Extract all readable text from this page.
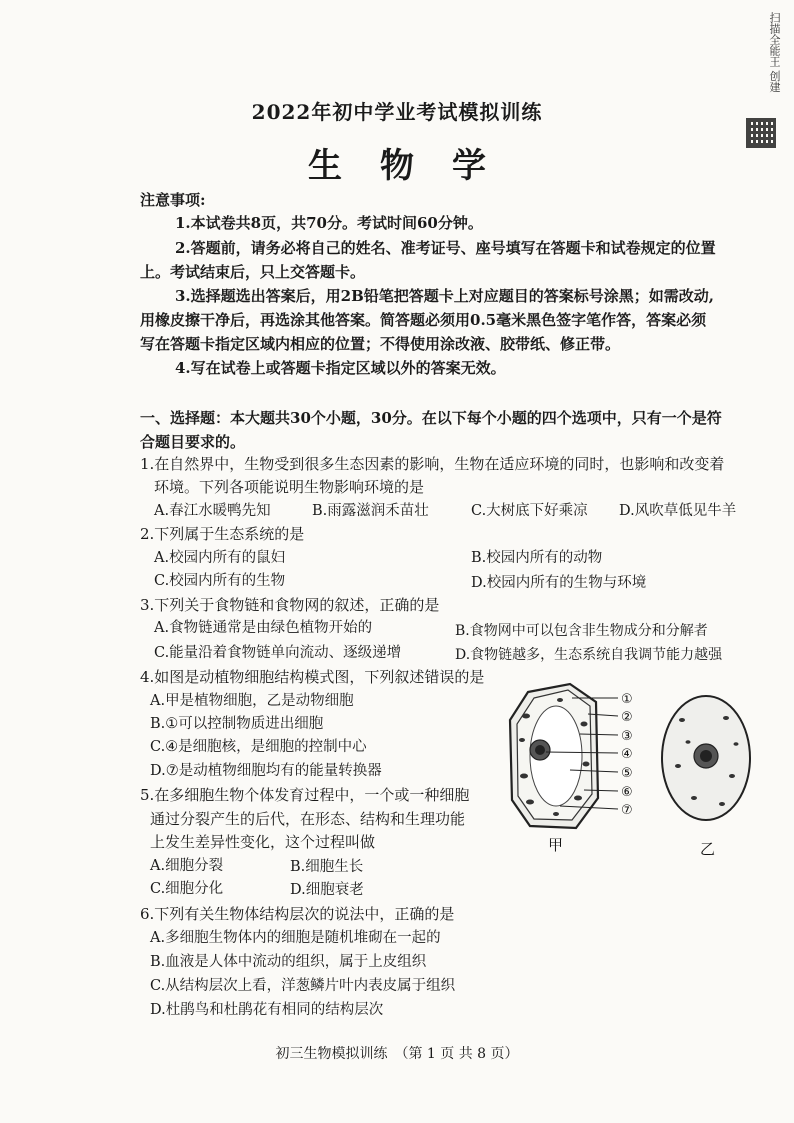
扫描全能王 创建
2022年初中学业考试模拟训练
生物学
注意事项:
1.本试卷共8页，共70分。考试时间60分钟。
2.答题前，请务必将自己的姓名、准考证号、座号填写在答题卡和试卷规定的位置
上。考试结束后，只上交答题卡。
3.选择题选出答案后，用2B铅笔把答题卡上对应题目的答案标号涂黑；如需改动,
用橡皮擦干净后，再选涂其他答案。简答题必须用0.5毫米黑色签字笔作答，答案必须
写在答题卡指定区域内相应的位置；不得使用涂改液、胶带纸、修正带。
4.写在试卷上或答题卡指定区域以外的答案无效。
一、选择题：本大题共30个小题，30分。在以下每个小题的四个选项中，只有一个是符
合题目要求的。
1.在自然界中，生物受到很多生态因素的影响，生物在适应环境的同时，也影响和改变着
环境。下列各项能说明生物影响环境的是
A.春江水暖鸭先知	B.雨露滋润禾苗壮	C.大树底下好乘凉 D.风吹草低见牛羊
2.下列属于生态系统的是
A.校园内所有的鼠妇	B.校园内所有的动物
C.校园内所有的生物	D.校园内所有的生物与环境
3.下列关于食物链和食物网的叙述，正确的是
A.食物链通常是由绿色植物开始的	B.食物网中可以包含非生物成分和分解者
C.能量沿着食物链单向流动、逐级递增	D.食物链越多，生态系统自我调节能力越强
4.如图是动植物细胞结构模式图，下列叙述错误的是
A.甲是植物细胞，乙是动物细胞
B.①可以控制物质进出细胞
C.④是细胞核，是细胞的控制中心
D.⑦是动植物细胞均有的能量转换器
①
②
③
④
⑤
⑥
⑦
甲	乙
5.在多细胞生物个体发育过程中，一个或一种细胞
通过分裂产生的后代，在形态、结构和生理功能
上发生差异性变化，这个过程叫做
A.细胞分裂	B.细胞生长
C.细胞分化	D.细胞衰老
6.下列有关生物体结构层次的说法中，正确的是
A.多细胞生物体内的细胞是随机堆砌在一起的
B.血液是人体中流动的组织，属于上皮组织
C.从结构层次上看，洋葱鳞片叶内表皮属于组织
D.杜鹃鸟和杜鹃花有相同的结构层次
初三生物模拟训练　（第 1 页 共 8 页）
